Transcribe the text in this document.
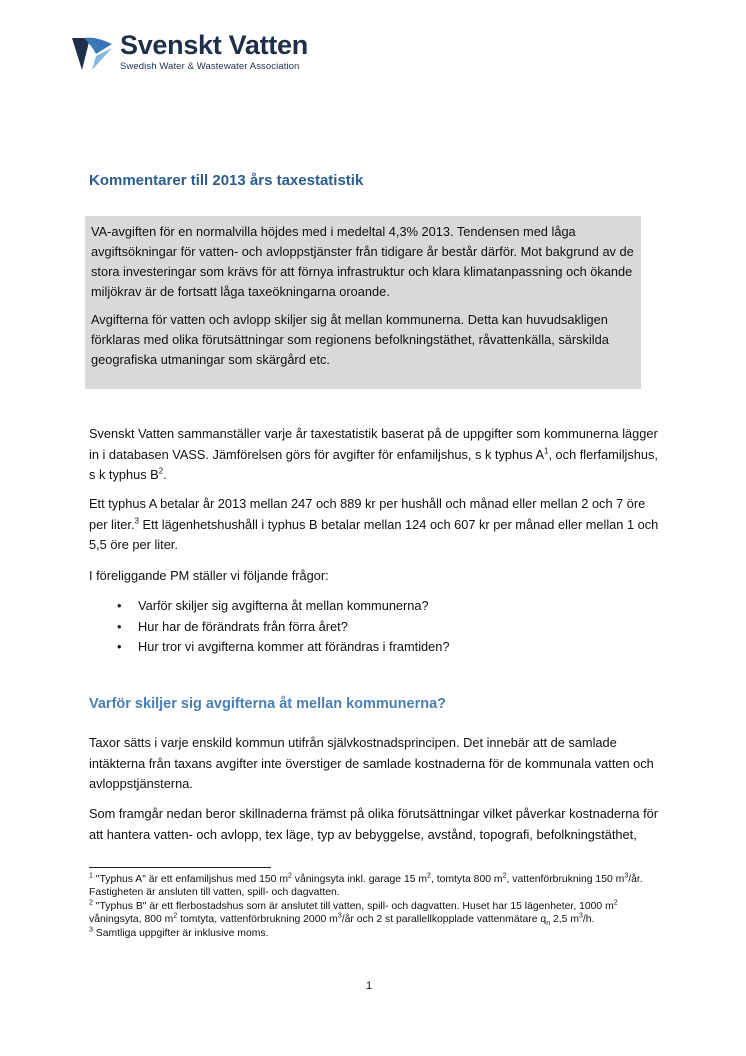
Svenskt Vatten
Swedish Water & Wastewater Association
Kommentarer till 2013 års taxestatistik

VA-avgiften för en normalvilla höjdes med i medeltal 4,3% 2013. Tendensen med låga avgiftsökningar för vatten- och avloppstjänster från tidigare år består därför. Mot bakgrund av de stora investeringar som krävs för att förnya infrastruktur och klara klimatanpassning och ökande miljökrav är de fortsatt låga taxeökningarna oroande.

Avgifterna för vatten och avlopp skiljer sig åt mellan kommunerna. Detta kan huvudsakligen förklaras med olika förutsättningar som regionens befolkningstäthet, råvattenkälla, särskilda geografiska utmaningar som skärgård etc.

Svenskt Vatten sammanställer varje år taxestatistik baserat på de uppgifter som kommunerna lägger in i databasen VASS. Jämförelsen görs för avgifter för enfamiljshus, s k typhus $A^1$, och flerfamiljshus, s k typhus $B^2$.
Ett typhus A betalar år 2013 mellan 247 och 889 kr per hushåll och månad eller mellan 2 och 7 öre per liter.$^3$ Ett lägenhetshushåll i typhus B betalar mellan 124 och 607 kr per månad eller mellan 1 och 5,5 öre per liter.
I föreliggande PM ställer vi följande frågor:
• Varför skiljer sig avgifterna åt mellan kommunerna?
• Hur har de förändrats från förra året?
• Hur tror vi avgifterna kommer att förändras i framtiden?
Varför skiljer sig avgifterna åt mellan kommunerna?
Taxor sätts i varje enskild kommun utifrån självkostnadsprincipen. Det innebär att de samlade intäkterna från taxans avgifter inte överstiger de samlade kostnaderna för de kommunala vatten och avloppstjänsterna.
Som framgår nedan beror skillnaderna främst på olika förutsättningar vilket påverkar kostnaderna för att hantera vatten- och avlopp, tex läge, typ av bebyggelse, avstånd, topografi, befolkningstäthet,
$^1$ "Typhus A" är ett enfamiljshus med 150 $m^2$ våningsyta inkl. garage 15 $m^2$, tomtyta 800 $m^2$, vattenförbrukning 150 $m^3/år$. Fastigheten är ansluten till vatten, spill- och dagvatten.
$^2$ "Typhus B" är ett flerbostadshus som är anslutet till vatten, spill- och dagvatten. Huset har 15 lägenheter, 1000 $m^2$ våningsyta, 800 $m^2$ tomtyta, vattenförbrukning 2000 $m^3/år$ och 2 st parallellkopplade vattenmätare $q_n$ 2,5 $m^3/h$.
$^3$ Samtliga uppgifter är inklusive moms.
1
